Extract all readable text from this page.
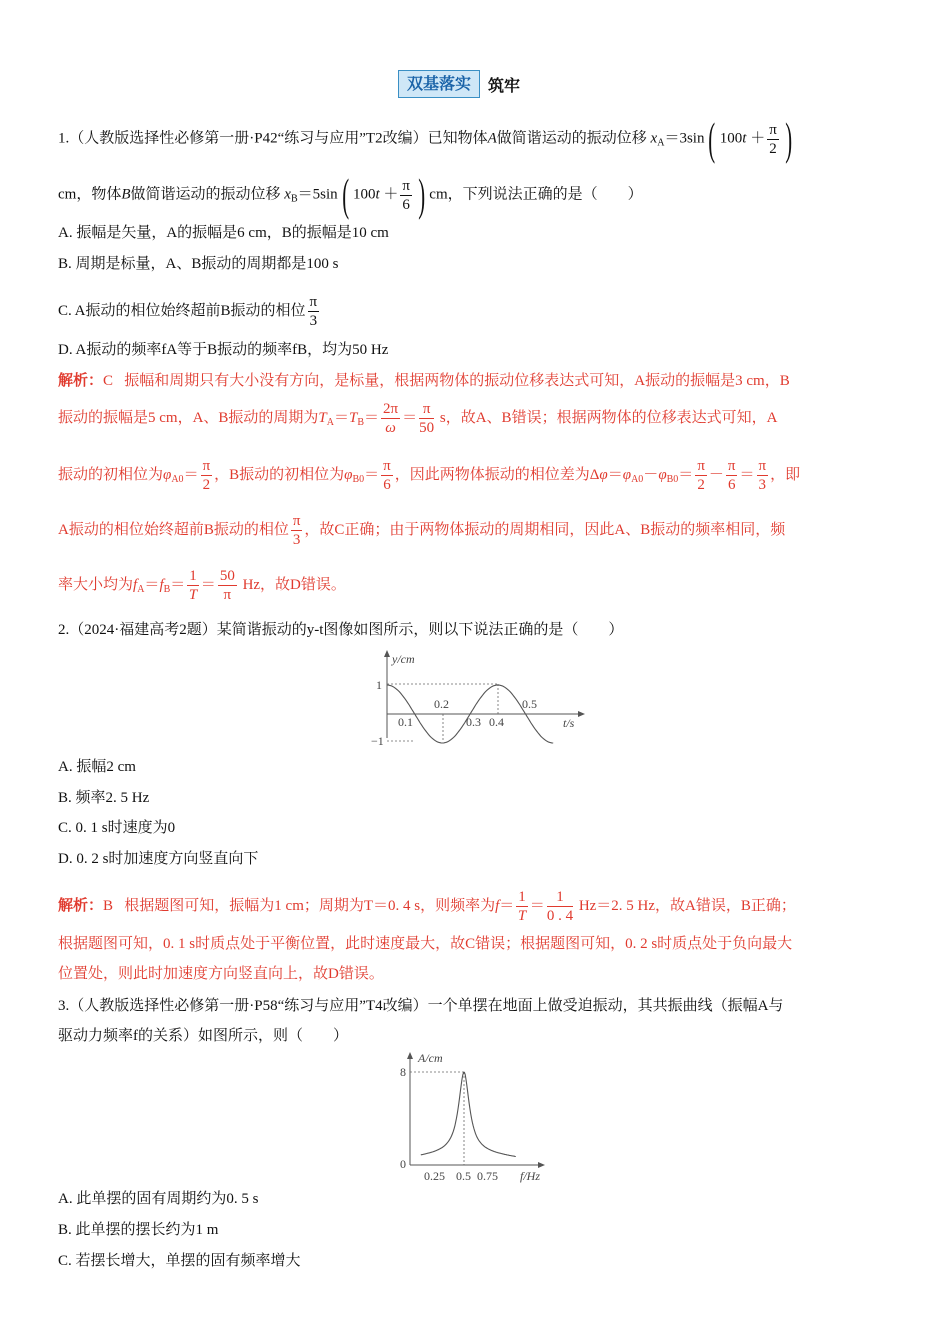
双基落实	筑牢
1.（人教版选择性必修第一册·P42“练习与应用”T2改编）已知物体A做简谐运动的振动位移 $x_A=3\sin$( $100t + \frac{\pi}{2}$ )
cm，物体B做简谐运动的振动位移 $x_B=5\sin$( $100t + \frac{\pi}{6}$ ) cm，下列说法正确的是（　　）
A. 振幅是矢量，A的振幅是6 cm，B的振幅是10 cm
B. 周期是标量，A、B振动的周期都是100 s
C. A振动的相位始终超前B振动的相位 $\frac{\pi}{3}$
D. A振动的频率fA等于B振动的频率fB，均为50 Hz
解析：C 振幅和周期只有大小没有方向，是标量，根据两物体的振动位移表达式可知，A振动的振幅是3 cm，B
振动的振幅是5 cm，A、B振动的周期为$T_A=T_B= \frac{2\pi}{\omega} = \frac{\pi}{50}$ s，故A、B错误；根据两物体的位移表达式可知，A
振动的初相位为$\varphi_{A0}= \frac{\pi}{2}$ ，B振动的初相位为$\varphi_{B0}= \frac{\pi}{6}$ ，因此两物体振动的相位差为$\Delta\varphi=\varphi_{A0}-\varphi_{B0}= \frac{\pi}{2} - \frac{\pi}{6} = \frac{\pi}{3}$ ，即
A振动的相位始终超前B振动的相位 $\frac{\pi}{3}$ ，故C正确；由于两物体振动的周期相同，因此A、B振动的频率相同，频
率大小均为$f_A=f_B= \frac{1}{T} = \frac{50}{\pi}$ Hz，故D错误。
2.（2024·福建高考2题）某简谐振动的y-t图像如图所示，则以下说法正确的是（　　）
y/cm
1
−1
0.1
0.2
0.3 0.4
0.5
t/s
A. 振幅2 cm
B. 频率2. 5 Hz
C. 0. 1 s时速度为0
D. 0. 2 s时加速度方向竖直向下
解析：B 根据题图可知，振幅为1 cm；周期为T＝0. 4 s，则频率为$f= \frac{1}{T} = \frac{1}{0 . 4} Hz=2$. 5 Hz，故A错误，B正确；
根据题图可知，0. 1 s时质点处于平衡位置，此时速度最大，故C错误；根据题图可知，0. 2 s时质点处于负向最大
位置处，则此时加速度方向竖直向上，故D错误。
3.（人教版选择性必修第一册·P58“练习与应用”T4改编）一个单摆在地面上做受迫振动，其共振曲线（振幅A与
驱动力频率f的关系）如图所示，则（　　）
A/cm
8
0
0.25 0.5 0.75 f/Hz
A. 此单摆的固有周期约为0. 5 s
B. 此单摆的摆长约为1 m
C. 若摆长增大，单摆的固有频率增大
